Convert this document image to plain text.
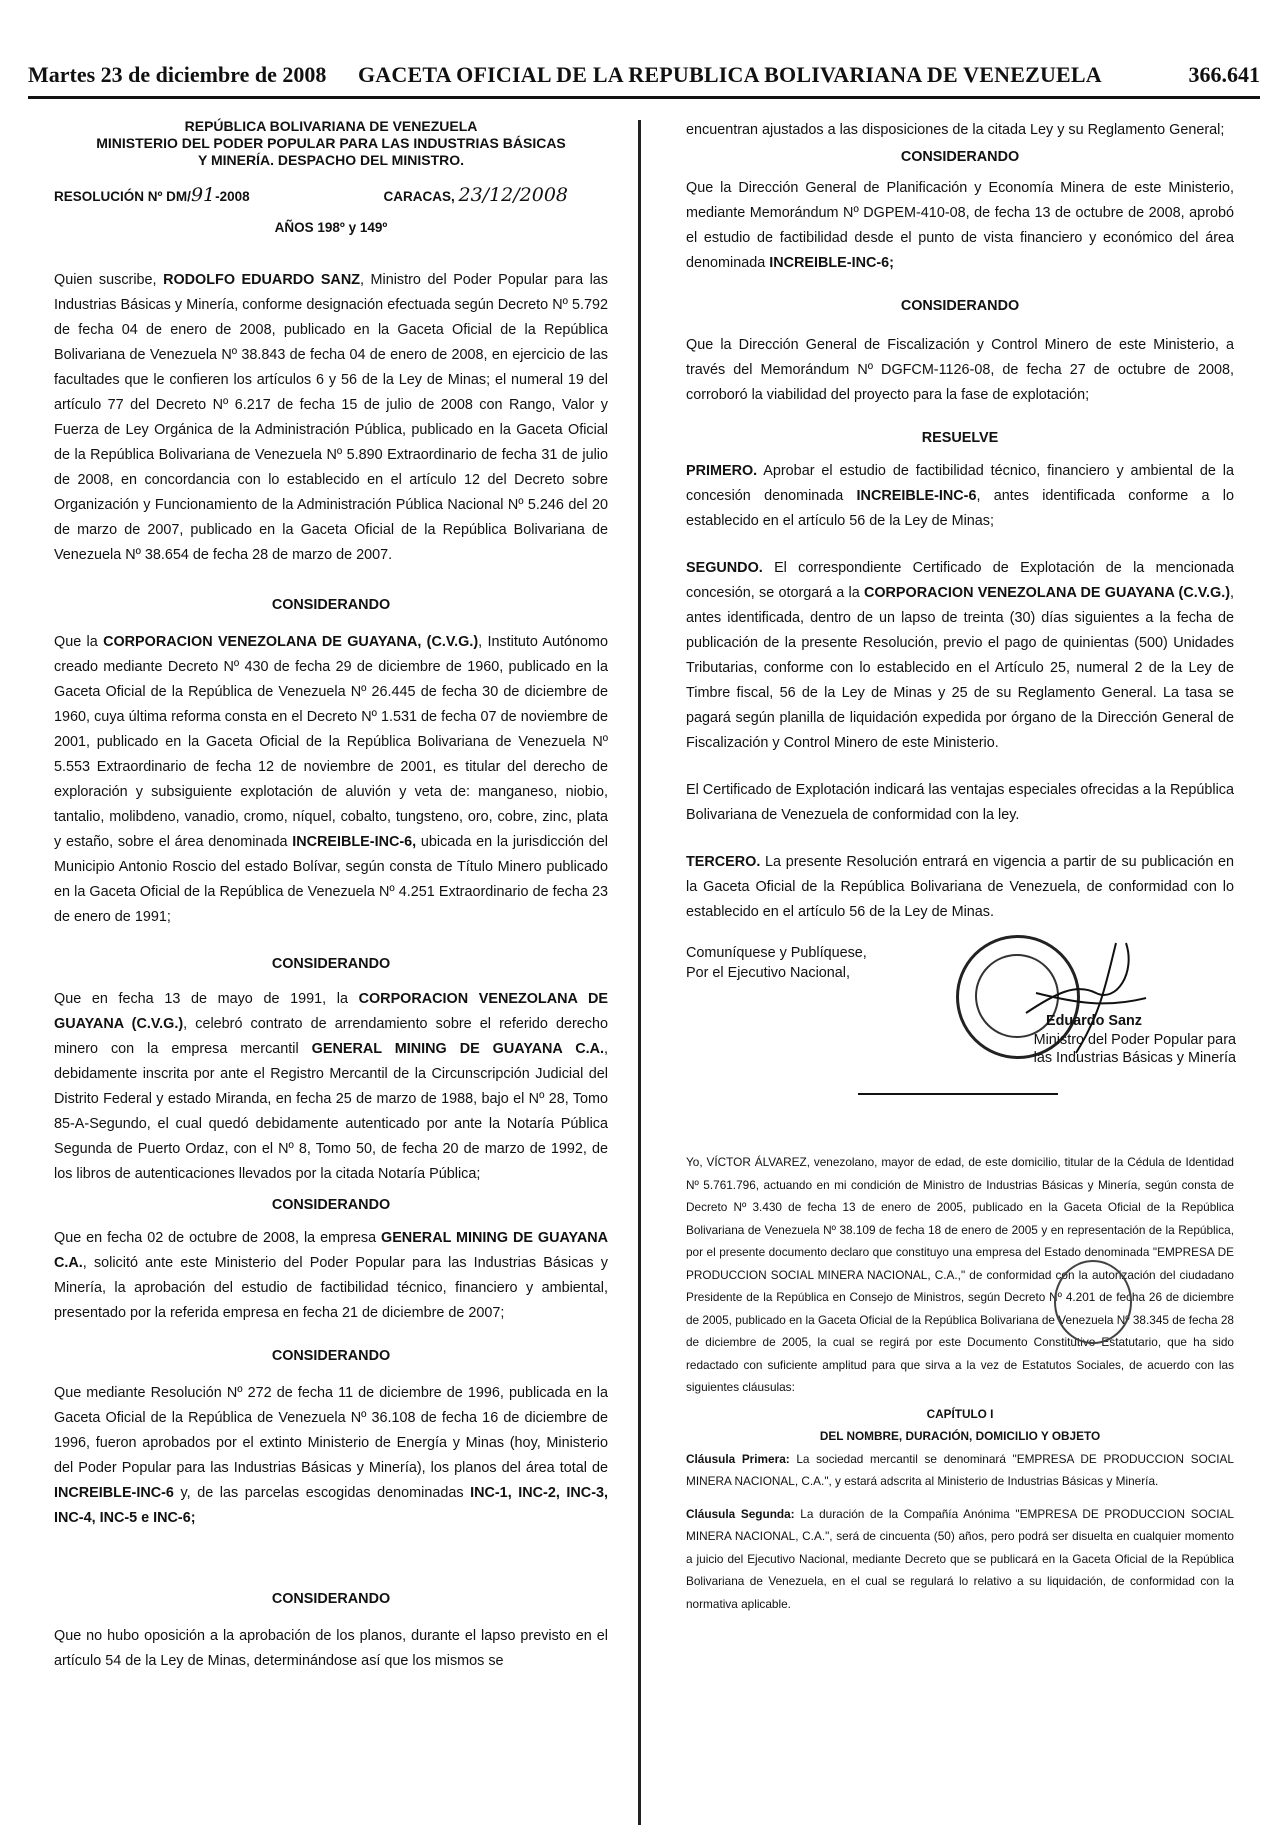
Martes 23 de diciembre de 2008 GACETA OFICIAL DE LA REPUBLICA BOLIVARIANA DE VENEZUELA	366.641
REPÚBLICA BOLIVARIANA DE VENEZUELA
MINISTERIO DEL PODER POPULAR PARA LAS INDUSTRIAS BÁSICAS
Y MINERÍA. DESPACHO DEL MINISTRO.
RESOLUCIÓN Nº DM/91-2008	CARACAS, 23/12/2008
AÑOS 198º y 149º

Quien suscribe, RODOLFO EDUARDO SANZ, Ministro del Poder Popular para las Industrias Básicas y Minería, conforme designación efectuada según Decreto Nº 5.792 de fecha 04 de enero de 2008, publicado en la Gaceta Oficial de la República Bolivariana de Venezuela Nº 38.843 de fecha 04 de enero de 2008, en ejercicio de las facultades que le confieren los artículos 6 y 56 de la Ley de Minas; el numeral 19 del artículo 77 del Decreto Nº 6.217 de fecha 15 de julio de 2008 con Rango, Valor y Fuerza de Ley Orgánica de la Administración Pública, publicado en la Gaceta Oficial de la República Bolivariana de Venezuela Nº 5.890 Extraordinario de fecha 31 de julio de 2008, en concordancia con lo establecido en el artículo 12 del Decreto sobre Organización y Funcionamiento de la Administración Pública Nacional Nº 5.246 del 20 de marzo de 2007, publicado en la Gaceta Oficial de la República Bolivariana de Venezuela Nº 38.654 de fecha 28 de marzo de 2007.

CONSIDERANDO

Que la CORPORACION VENEZOLANA DE GUAYANA, (C.V.G.), Instituto Autónomo creado mediante Decreto Nº 430 de fecha 29 de diciembre de 1960, publicado en la Gaceta Oficial de la República de Venezuela Nº 26.445 de fecha 30 de diciembre de 1960, cuya última reforma consta en el Decreto Nº 1.531 de fecha 07 de noviembre de 2001, publicado en la Gaceta Oficial de la República Bolivariana de Venezuela Nº 5.553 Extraordinario de fecha 12 de noviembre de 2001, es titular del derecho de exploración y subsiguiente explotación de aluvión y veta de: manganeso, niobio, tantalio, molibdeno, vanadio, cromo, níquel, cobalto, tungsteno, oro, cobre, zinc, plata y estaño, sobre el área denominada INCREIBLE-INC-6, ubicada en la jurisdicción del Municipio Antonio Roscio del estado Bolívar, según consta de Título Minero publicado en la Gaceta Oficial de la República de Venezuela Nº 4.251 Extraordinario de fecha 23 de enero de 1991;

CONSIDERANDO

Que en fecha 13 de mayo de 1991, la CORPORACION VENEZOLANA DE GUAYANA (C.V.G.), celebró contrato de arrendamiento sobre el referido derecho minero con la empresa mercantil GENERAL MINING DE GUAYANA C.A., debidamente inscrita por ante el Registro Mercantil de la Circunscripción Judicial del Distrito Federal y estado Miranda, en fecha 25 de marzo de 1988, bajo el Nº 28, Tomo 85-A-Segundo, el cual quedó debidamente autenticado por ante la Notaría Pública Segunda de Puerto Ordaz, con el Nº 8, Tomo 50, de fecha 20 de marzo de 1992, de los libros de autenticaciones llevados por la citada Notaría Pública;

CONSIDERANDO

Que en fecha 02 de octubre de 2008, la empresa GENERAL MINING DE GUAYANA C.A., solicitó ante este Ministerio del Poder Popular para las Industrias Básicas y Minería, la aprobación del estudio de factibilidad técnico, financiero y ambiental, presentado por la referida empresa en fecha 21 de diciembre de 2007;

CONSIDERANDO

Que mediante Resolución Nº 272 de fecha 11 de diciembre de 1996, publicada en la Gaceta Oficial de la República de Venezuela Nº 36.108 de fecha 16 de diciembre de 1996, fueron aprobados por el extinto Ministerio de Energía y Minas (hoy, Ministerio del Poder Popular para las Industrias Básicas y Minería), los planos del área total de INCREIBLE-INC-6 y, de las parcelas escogidas denominadas INC-1, INC-2, INC-3, INC-4, INC-5 e INC-6;

CONSIDERANDO

Que no hubo oposición a la aprobación de los planos, durante el lapso previsto en el artículo 54 de la Ley de Minas, determinándose así que los mismos se

encuentran ajustados a las disposiciones de la citada Ley y su Reglamento General;

CONSIDERANDO

Que la Dirección General de Planificación y Economía Minera de este Ministerio, mediante Memorándum Nº DGPEM-410-08, de fecha 13 de octubre de 2008, aprobó el estudio de factibilidad desde el punto de vista financiero y económico del área denominada INCREIBLE-INC-6;

CONSIDERANDO

Que la Dirección General de Fiscalización y Control Minero de este Ministerio, a través del Memorándum Nº DGFCM-1126-08, de fecha 27 de octubre de 2008, corroboró la viabilidad del proyecto para la fase de explotación;

RESUELVE

PRIMERO. Aprobar el estudio de factibilidad técnico, financiero y ambiental de la concesión denominada INCREIBLE-INC-6, antes identificada conforme a lo establecido en el artículo 56 de la Ley de Minas;

SEGUNDO. El correspondiente Certificado de Explotación de la mencionada concesión, se otorgará a la CORPORACION VENEZOLANA DE GUAYANA (C.V.G.), antes identificada, dentro de un lapso de treinta (30) días siguientes a la fecha de publicación de la presente Resolución, previo el pago de quinientas (500) Unidades Tributarias, conforme con lo establecido en el Artículo 25, numeral 2 de la Ley de Timbre fiscal, 56 de la Ley de Minas y 25 de su Reglamento General. La tasa se pagará según planilla de liquidación expedida por órgano de la Dirección General de Fiscalización y Control Minero de este Ministerio.

El Certificado de Explotación indicará las ventajas especiales ofrecidas a la República Bolivariana de Venezuela de conformidad con la ley.

TERCERO. La presente Resolución entrará en vigencia a partir de su publicación en la Gaceta Oficial de la República Bolivariana de Venezuela, de conformidad con lo establecido en el artículo 56 de la Ley de Minas.

Comuníquese y Publíquese,
Por el Ejecutivo Nacional,
Eduardo Sanz
Ministro del Poder Popular para las Industrias Básicas y Minería

Yo, VÍCTOR ÁLVAREZ, venezolano, mayor de edad, de este domicilio, titular de la Cédula de Identidad Nº 5.761.796, actuando en mi condición de Ministro de Industrias Básicas y Minería, según consta de Decreto Nº 3.430 de fecha 13 de enero de 2005, publicado en la Gaceta Oficial de la República Bolivariana de Venezuela Nº 38.109 de fecha 18 de enero de 2005 y en representación de la República, por el presente documento declaro que constituyo una empresa del Estado denominada "EMPRESA DE PRODUCCION SOCIAL MINERA NACIONAL, C.A.," de conformidad con la autorización del ciudadano Presidente de la República en Consejo de Ministros, según Decreto Nº 4.201 de fecha 26 de diciembre de 2005, publicado en la Gaceta Oficial de la República Bolivariana de Venezuela Nº 38.345 de fecha 28 de diciembre de 2005, la cual se regirá por este Documento Constitutivo Estatutario, que ha sido redactado con suficiente amplitud para que sirva a la vez de Estatutos Sociales, de acuerdo con las siguientes cláusulas:

CAPÍTULO I

DEL NOMBRE, DURACIÓN, DOMICILIO Y OBJETO

Cláusula Primera: La sociedad mercantil se denominará "EMPRESA DE PRODUCCION SOCIAL MINERA NACIONAL, C.A.", y estará adscrita al Ministerio de Industrias Básicas y Minería.

Cláusula Segunda: La duración de la Compañía Anónima "EMPRESA DE PRODUCCION SOCIAL MINERA NACIONAL, C.A.", será de cincuenta (50) años, pero podrá ser disuelta en cualquier momento a juicio del Ejecutivo Nacional, mediante Decreto que se publicará en la Gaceta Oficial de la República Bolivariana de Venezuela, en el cual se regulará lo relativo a su liquidación, de conformidad con la normativa aplicable.
